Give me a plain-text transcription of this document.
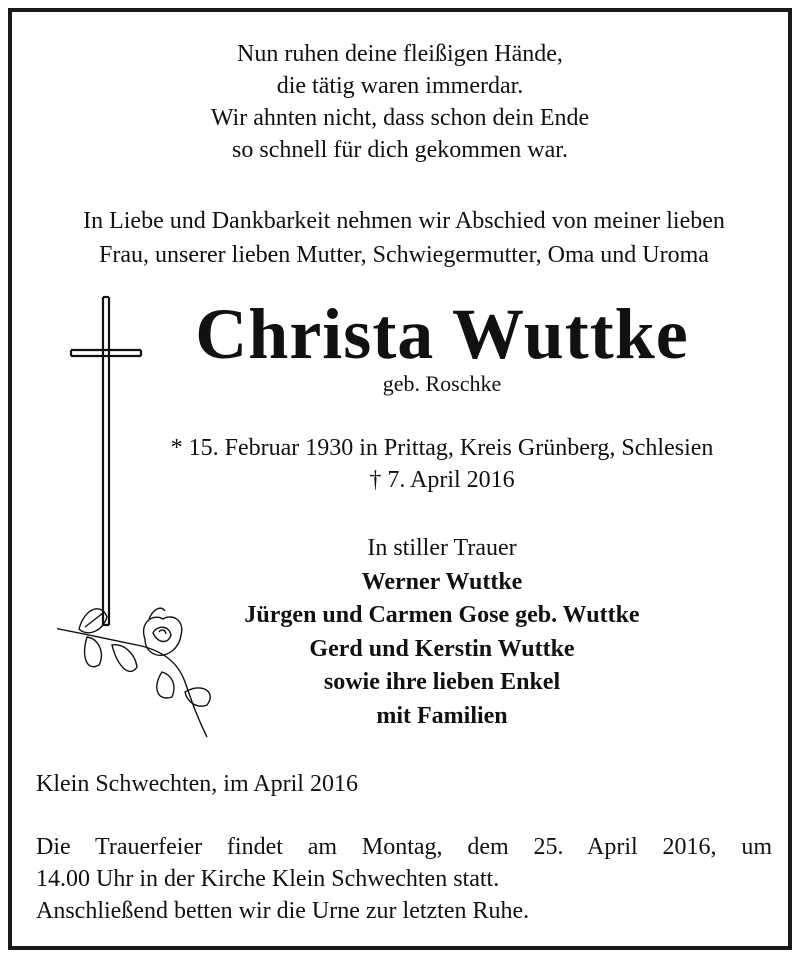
Nun ruhen deine fleißigen Hände,
die tätig waren immerdar.
Wir ahnten nicht, dass schon dein Ende
so schnell für dich gekommen war.
In Liebe und Dankbarkeit nehmen wir Abschied von meiner lieben
Frau, unserer lieben Mutter, Schwiegermutter, Oma und Uroma
Christa Wuttke
geb. Roschke
* 15. Februar 1930 in Prittag, Kreis Grünberg, Schlesien
† 7. April 2016
In stiller Trauer
Werner Wuttke
Jürgen und Carmen Gose geb. Wuttke
Gerd und Kerstin Wuttke
sowie ihre lieben Enkel
mit Familien
Klein Schwechten, im April 2016
Die Trauerfeier findet am Montag, dem 25. April 2016, um
14.00 Uhr in der Kirche Klein Schwechten statt.
Anschließend betten wir die Urne zur letzten Ruhe.
